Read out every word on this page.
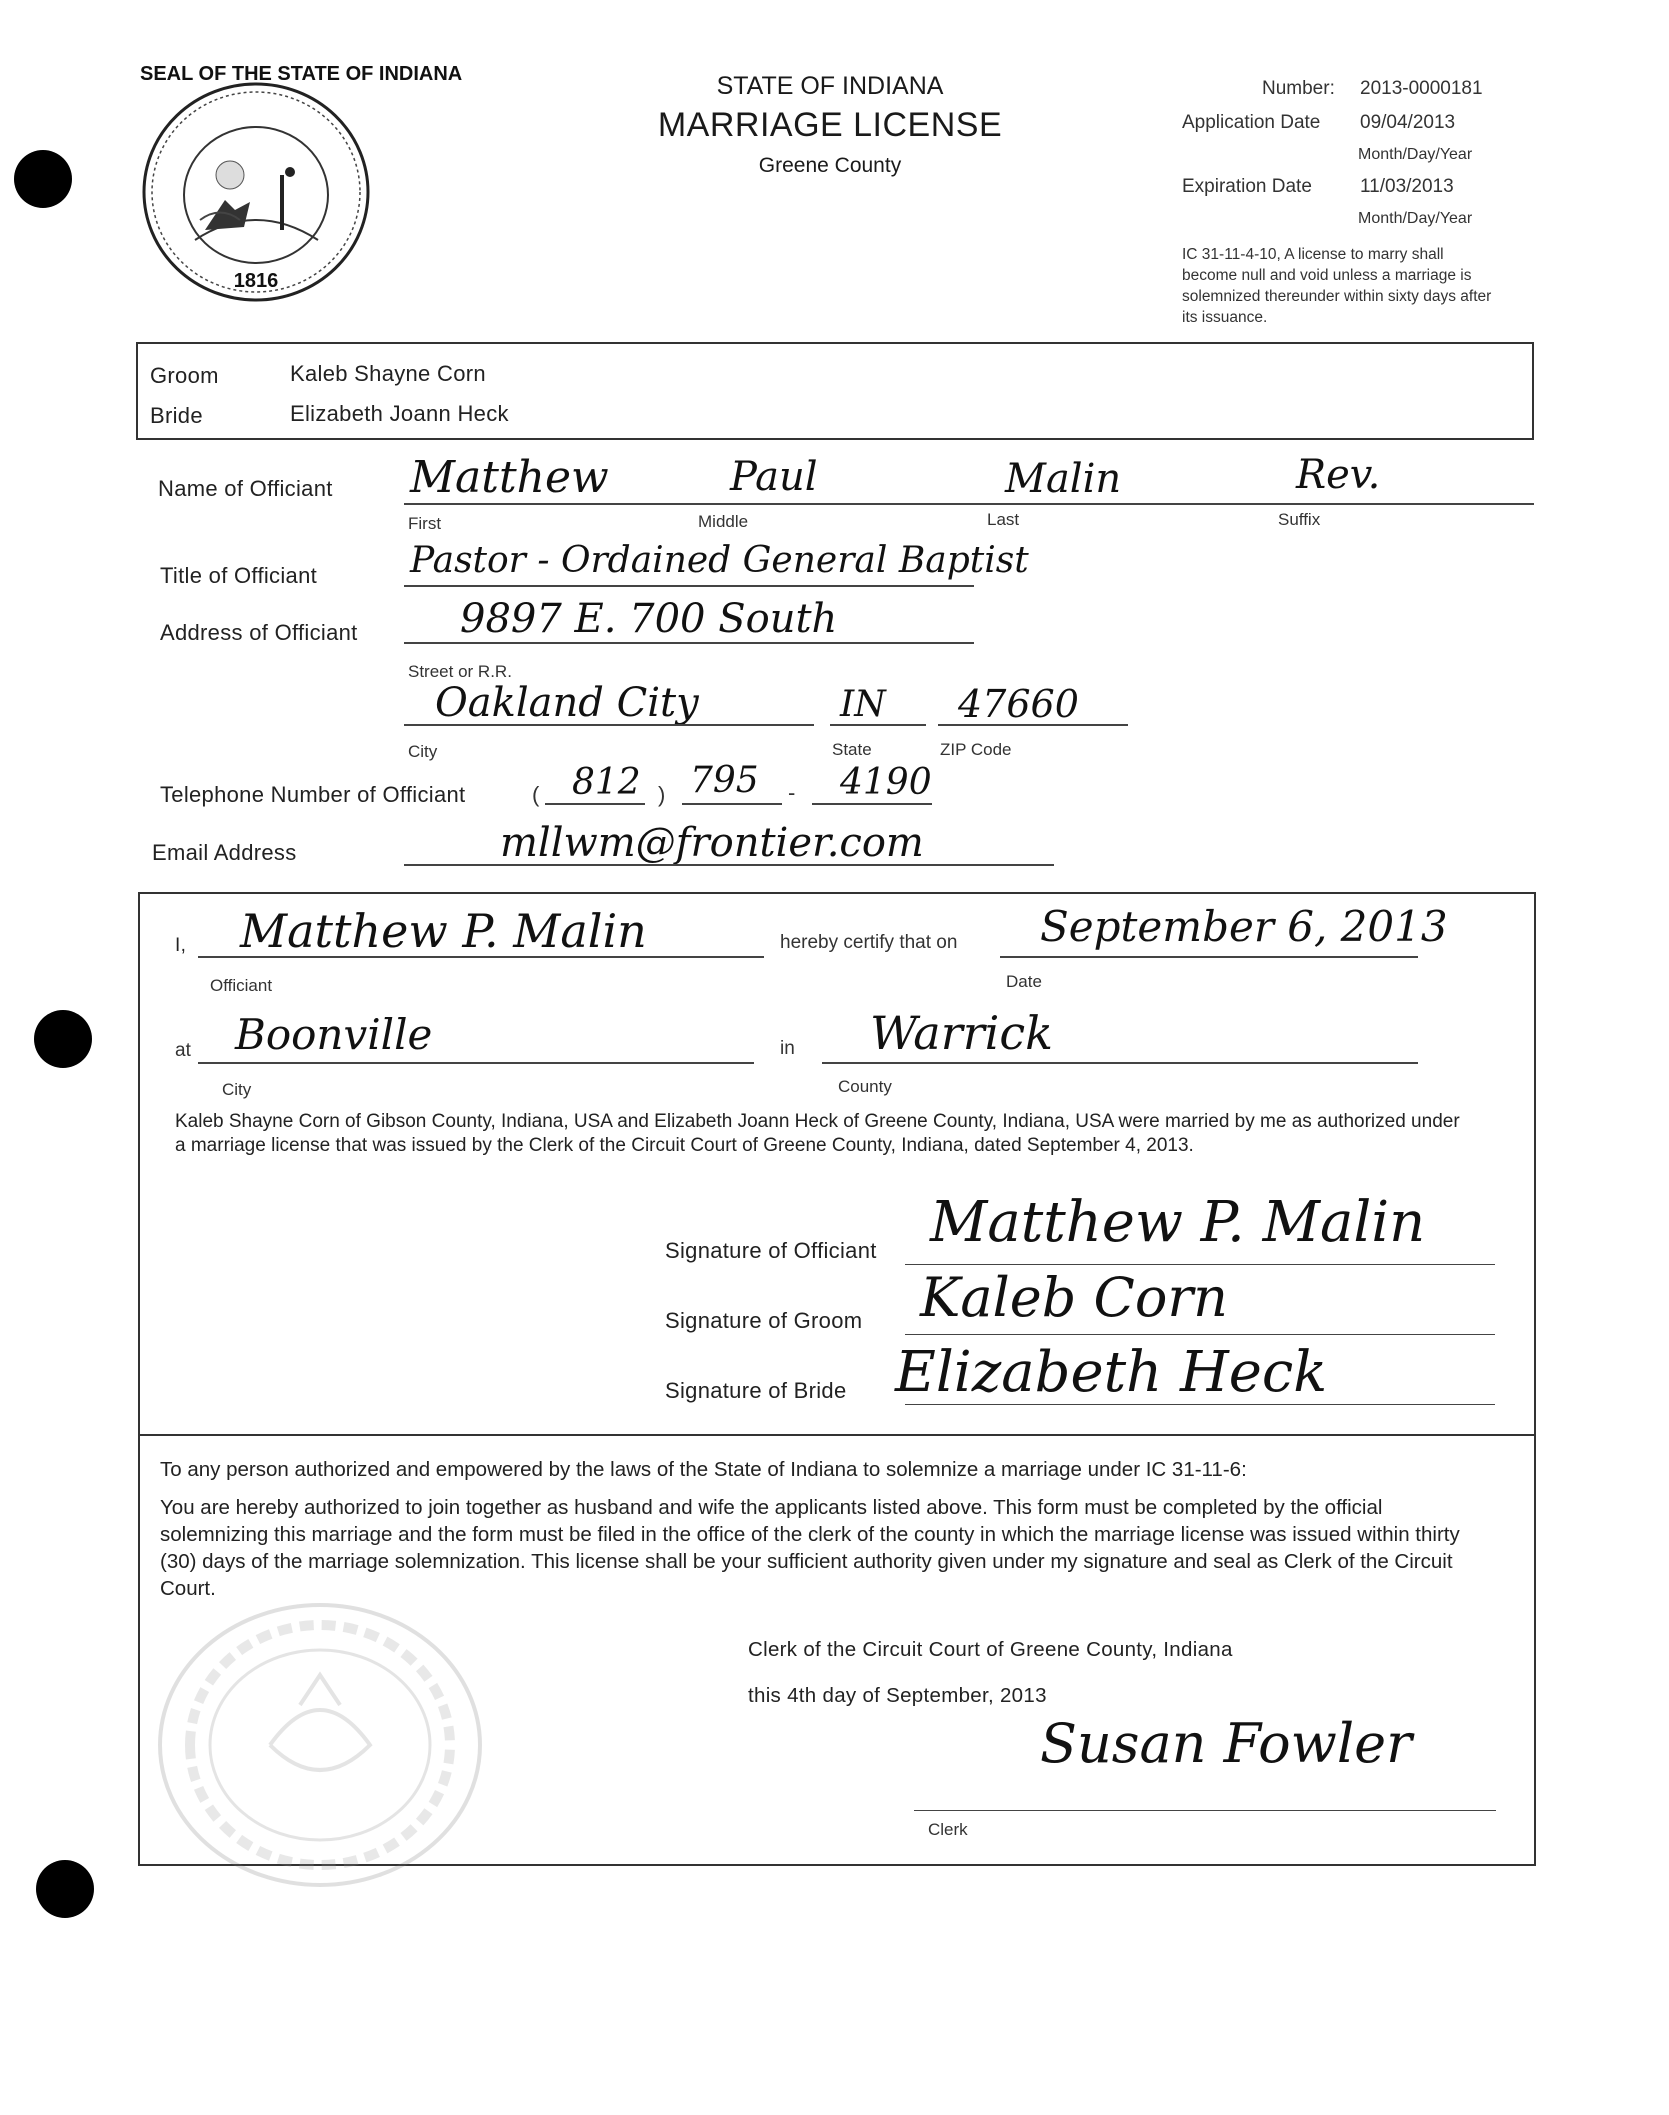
SEAL OF THE STATE OF INDIANA
1816
STATE OF INDIANA
MARRIAGE LICENSE
Greene County
Number: 2013-0000181
Application Date 09/04/2013
Month/Day/Year
Expiration Date	11/03/2013
Month/Day/Year
IC 31-11-4-10, A license to marry shall become null and void unless a marriage is solemnized thereunder within sixty days after its issuance.
Groom	Kaleb Shayne Corn
Bride	Elizabeth Joann Heck
Name of Officiant Matthew	Paul	Malin	Rev.
First	Middle	Last	Suffix
Title of Officiant	Pastor - Ordained General Baptist
Address of Officiant	9897 E. 700 South
Street or R.R.
Oakland City	IN 47660
City	State	ZIP Code
Telephone Number of Officiant	( 812 ) 795 - 4190
Email Address	mllwm@frontier.com
I, Matthew P. Malin
Officiant
hereby certify that on September 6, 2013
Date
at Boonville
City
in Warrick
County
Kaleb Shayne Corn of Gibson County, Indiana, USA and Elizabeth Joann Heck of Greene County, Indiana, USA were married by me as authorized under a marriage license that was issued by the Clerk of the Circuit Court of Greene County, Indiana, dated September 4, 2013.
Signature of Officiant Matthew P. Malin
Signature of Groom Kaleb Corn
Signature of Bride Elizabeth Heck
To any person authorized and empowered by the laws of the State of Indiana to solemnize a marriage under IC 31-11-6:
You are hereby authorized to join together as husband and wife the applicants listed above. This form must be completed by the official solemnizing this marriage and the form must be filed in the office of the clerk of the county in which the marriage license was issued within thirty (30) days of the marriage solemnization. This license shall be your sufficient authority given under my signature and seal as Clerk of the Circuit Court.
Clerk of the Circuit Court of Greene County, Indiana
this 4th day of September, 2013
Susan Fowler
Clerk
